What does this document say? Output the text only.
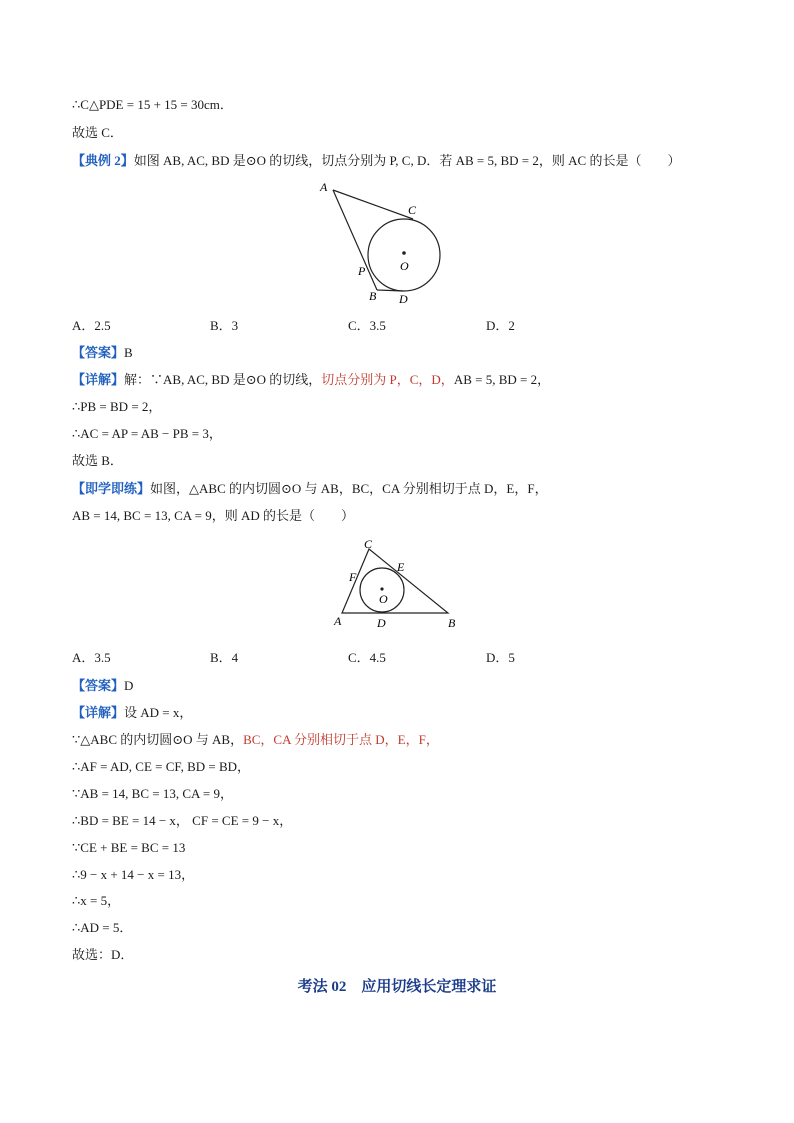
∴C△PDE = 15 + 15 = 30cm．
故选 C．
【典例 2】如图 AB, AC, BD 是⊙O 的切线，切点分别为 P, C, D．若 AB = 5, BD = 2，则 AC 的长是（　　）
A
C
O
P
B D
A．2.5	B．3	C．3.5	D．2
【答案】B
【详解】解：∵AB, AC, BD 是⊙O 的切线，切点分别为 P，C，D，AB = 5, BD = 2，
∴PB = BD = 2，
∴AC = AP = AB − PB = 3，
故选 B．
【即学即练】如图，△ABC 的内切圆⊙O 与 AB，BC，CA 分别相切于点 D，E，F，
AB = 14, BC = 13, CA = 9，则 AD 的长是（　　）
C
E
F
O
A	D	B
A．3.5	B．4	C．4.5	D．5
【答案】D
【详解】设 AD = x，
∵△ABC 的内切圆⊙O 与 AB，BC，CA 分别相切于点 D，E，F，
∴AF = AD, CE = CF, BD = BD，
∵AB = 14, BC = 13, CA = 9，
∴BD = BE = 14 − x， CF = CE = 9 − x，
∵CE + BE = BC = 13
∴9 − x + 14 − x = 13，
∴x = 5，
∴AD = 5．
故选：D．
考法 02　应用切线长定理求证
